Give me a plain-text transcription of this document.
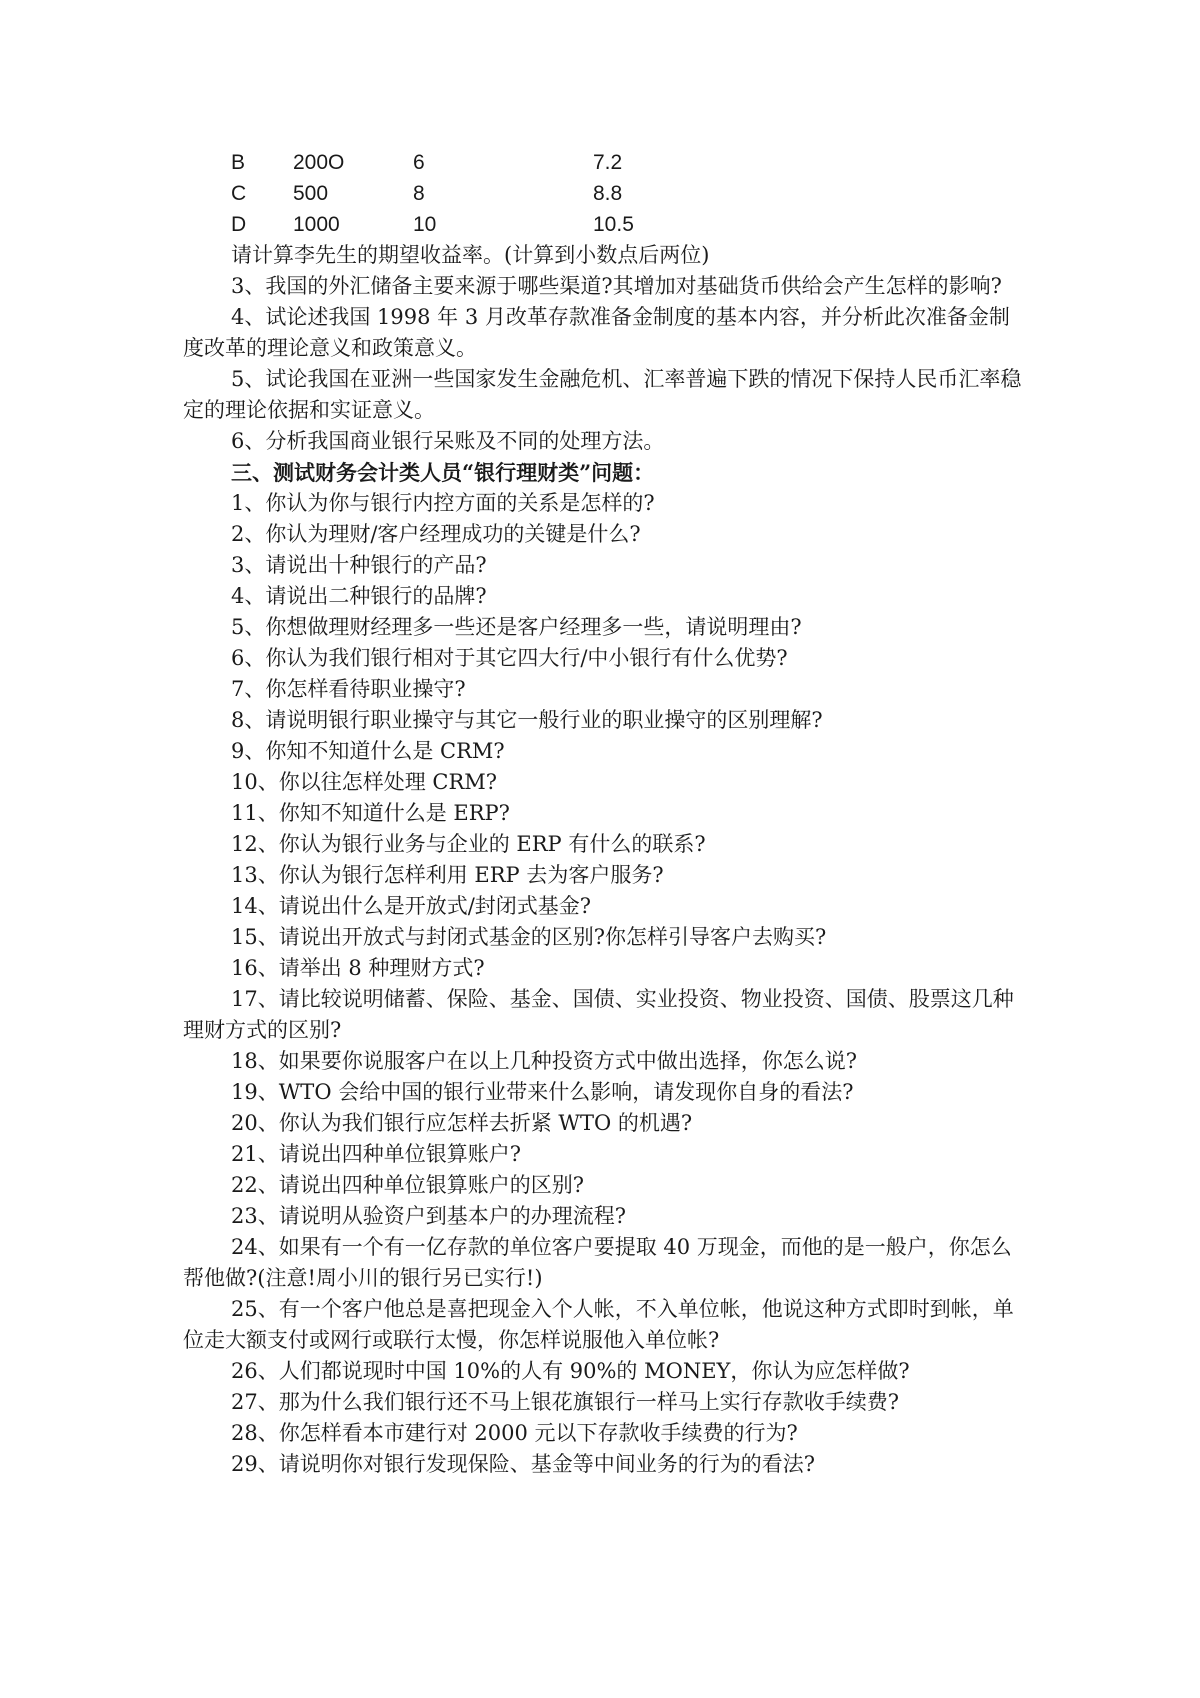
B 200O	6	7.2
C 500	8	8.8
D 1000	10	10.5

请计算李先生的期望收益率。(计算到小数点后两位)

3、我国的外汇储备主要来源于哪些渠道?其增加对基础货币供给会产生怎样的影响?

4、试论述我国 1998 年 3 月改革存款准备金制度的基本内容，并分析此次准备金制度改革的理论意义和政策意义。

5、试论我国在亚洲一些国家发生金融危机、汇率普遍下跌的情况下保持人民币汇率稳定的理论依据和实证意义。

6、分析我国商业银行呆账及不同的处理方法。

三、测试财务会计类人员“银行理财类”问题：

1、你认为你与银行内控方面的关系是怎样的?

2、你认为理财/客户经理成功的关键是什么?

3、请说出十种银行的产品?

4、请说出二种银行的品牌?

5、你想做理财经理多一些还是客户经理多一些，请说明理由?

6、你认为我们银行相对于其它四大行/中小银行有什么优势?

7、你怎样看待职业操守?

8、请说明银行职业操守与其它一般行业的职业操守的区别理解?

9、你知不知道什么是 CRM?

10、你以往怎样处理 CRM?

11、你知不知道什么是 ERP?

12、你认为银行业务与企业的 ERP 有什么的联系?

13、你认为银行怎样利用 ERP 去为客户服务?

14、请说出什么是开放式/封闭式基金?

15、请说出开放式与封闭式基金的区别?你怎样引导客户去购买?

16、请举出 8 种理财方式?

17、请比较说明储蓄、保险、基金、国债、实业投资、物业投资、国债、股票这几种理财方式的区别?

18、如果要你说服客户在以上几种投资方式中做出选择，你怎么说?

19、WTO 会给中国的银行业带来什么影响，请发现你自身的看法?

20、你认为我们银行应怎样去折紧 WTO 的机遇?

21、请说出四种单位银算账户?

22、请说出四种单位银算账户的区别?

23、请说明从验资户到基本户的办理流程?

24、如果有一个有一亿存款的单位客户要提取 40 万现金，而他的是一般户，你怎么帮他做?(注意!周小川的银行另已实行!)

25、有一个客户他总是喜把现金入个人帐，不入单位帐，他说这种方式即时到帐，单位走大额支付或网行或联行太慢，你怎样说服他入单位帐?

26、人们都说现时中国 10%的人有 90%的 MONEY，你认为应怎样做?

27、那为什么我们银行还不马上银花旗银行一样马上实行存款收手续费?

28、你怎样看本市建行对 2000 元以下存款收手续费的行为?

29、请说明你对银行发现保险、基金等中间业务的行为的看法?
